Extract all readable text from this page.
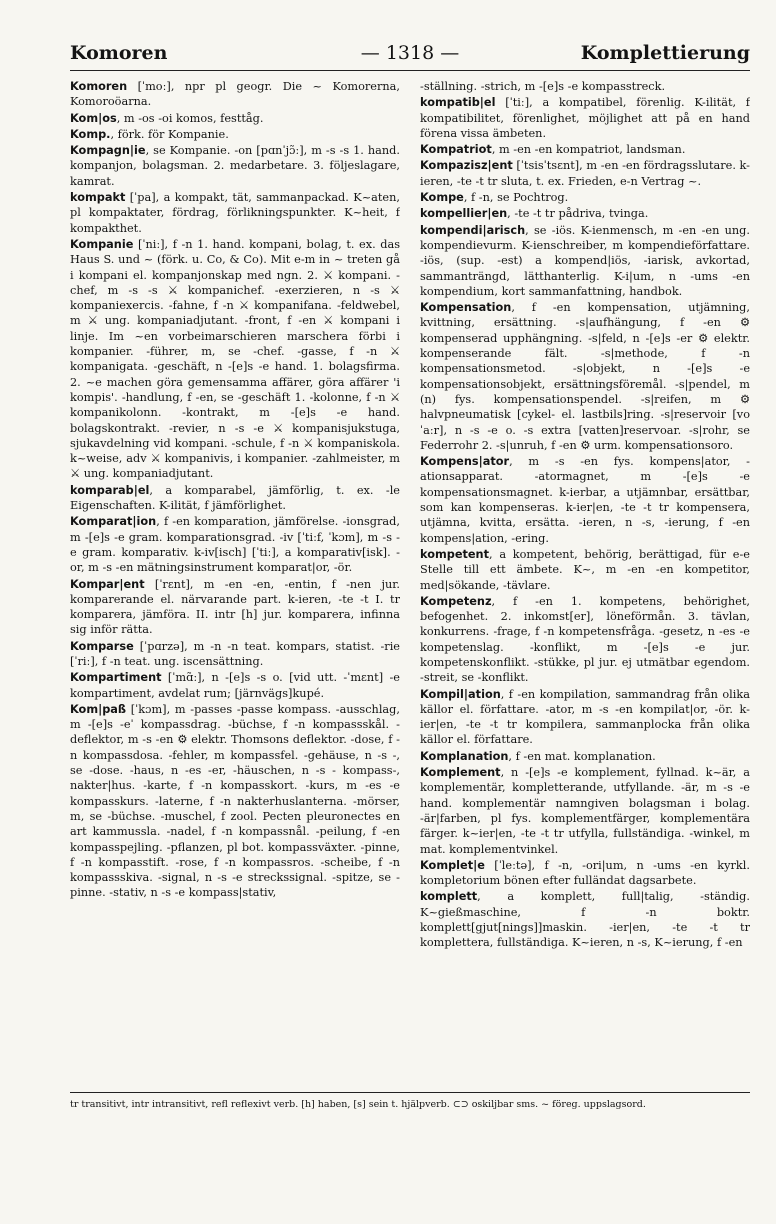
Komoren	— 1318 —	Komplettierung

Komoren [ˈmoː], npr pl geogr. Die ~ Komorerna, Komoroöarna.

Kom|os, m -os -oi komos, festtåg.

Komp., förk. för Kompanie.

Kompagn|ie, se Kompanie. -on [pɑnˈjɔ̃ː], m -s -s 1. hand. kompanjon, bolagsman. 2. medarbetare. 3. följeslagare, kamrat.

kompakt [ˈpa], a kompakt, tät, sammanpackad. K~aten, pl kompaktater, fördrag, förlikningspunkter. K~heit, f kompakthet.

Kompanie [ˈniː], f -n 1. hand. kompani, bolag, t. ex. das Haus S. und ~ (förk. u. Co, & Co). Mit e-m in ~ treten gå i kompani el. kompanjonskap med ngn. 2. ⚔ kompani. -chef, m -s -s ⚔ kompanichef. -exerzieren, n -s ⚔ kompaniexercis. -fahne, f -n ⚔ kompanifana. -feldwebel, m ⚔ ung. kompaniadjutant. -front, f -en ⚔ kompani i linje. Im ~en vorbeimarschieren marschera förbi i kompanier. -führer, m, se -chef. -gasse, f -n ⚔ kompanigata. -geschäft, n -[e]s -e hand. 1. bolagsfirma. 2. ~e machen göra gemensamma affärer, göra affärer 'i kompis'. -handlung, f -en, se -geschäft 1. -kolonne, f -n ⚔ kompanikolonn. -kontrakt, m -[e]s -e hand. bolagskontrakt. -revier, n -s -e ⚔ kompanisjukstuga, sjukavdelning vid kompani. -schule, f -n ⚔ kompaniskola. k~weise, adv ⚔ kompanivis, i kompanier. -zahlmeister, m ⚔ ung. kompaniadjutant.

komparab|el, a komparabel, jämförlig, t. ex. -le Eigenschaften. K-ilität, f jämförlighet.

Komparat|ion, f -en komparation, jämförelse. -ionsgrad, m -[e]s -e gram. komparationsgrad. -iv [ˈtiːf, ˈkɔm], m -s -e gram. komparativ. k-iv[isch] [ˈtiː], a komparativ[isk]. -or, m -s -en mätningsinstrument komparat|or, -ör.

Kompar|ent [ˈrɛnt], m -en -en, -entin, f -nen jur. komparerande el. närvarande part. k-ieren, -te -t I. tr komparera, jämföra. II. intr [h] jur. komparera, infinna sig inför rätta.

Komparse [ˈpɑrzə], m -n -n teat. kompars, statist. -rie [ˈriː], f -n teat. ung. iscensättning.

Kompartiment [ˈmɑ̃ː], n -[e]s -s o. [vid utt. -ˈmɛnt] -e kompartiment, avdelat rum; [järnvägs]kupé.

Kom|paß [ˈkɔm], m -passes -passe kompass. -ausschlag, m -[e]s -eˈ kompassdrag. -büchse, f -n kompassskål. -deflektor, m -s -en ⚙ elektr. Thomsons deflektor. -dose, f -n kompassdosa. -fehler, m kompassfel. -gehäuse, n -s -, se -dose. -haus, n -es -er, -häuschen, n -s - kompass-, nakter|hus. -karte, f -n kompasskort. -kurs, m -es -e kompasskurs. -laterne, f -n nakterhuslanterna. -mörser, m, se -büchse. -muschel, f zool. Pecten pleuronectes en art kammussla. -nadel, f -n kompassnål. -peilung, f -en kompasspejling. -pflanzen, pl bot. kompassväxter. -pinne, f -n kompasstift. -rose, f -n kompassros. -scheibe, f -n kompassskiva. -signal, n -s -e streckssignal. -spitze, se -pinne. -stativ, n -s -e kompass|stativ,

-ställning. -strich, m -[e]s -e kompasstreck.

kompatib|el [ˈtiː], a kompatibel, förenlig. K-ilität, f kompatibilitet, förenlighet, möjlighet att på en hand förena vissa ämbeten.

Kompatriot, m -en -en kompatriot, landsman.

Kompazisz|ent [ˈtsisˈtsɛnt], m -en -en fördragsslutare. k-ieren, -te -t tr sluta, t. ex. Frieden, e-n Vertrag ~.

Kompe, f -n, se Pochtrog.

kompellier|en, -te -t tr pådriva, tvinga.

kompendi|arisch, se -iös. K-ienmensch, m -en -en ung. kompendievurm. K-ienschreiber, m kompendieförfattare. -iös, (sup. -est) a kompend|iös, -iarisk, avkortad, sammanträngd, lätthanterlig. K-i|um, n -ums -en kompendium, kort sammanfattning, handbok.

Kompensation, f -en kompensation, utjämning, kvittning, ersättning. -s|aufhängung, f -en ⚙ kompenserad upphängning. -s|feld, n -[e]s -er ⚙ elektr. kompenserande fält. -s|methode, f -n kompensationsmetod. -s|objekt, n -[e]s -e kompensationsobjekt, ersättningsföremål. -s|pendel, m (n) fys. kompensationspendel. -s|reifen, m ⚙ halvpneumatisk [cykel- el. lastbils]ring. -s|reservoir [voˈaːr], n -s -e o. -s extra [vatten]reservoar. -s|rohr, se Federrohr 2. -s|unruh, f -en ⚙ urm. kompensationsoro.

Kompens|ator, m -s -en fys. kompens|ator, -ationsapparat. -atormagnet, m -[e]s -e kompensationsmagnet. k-ierbar, a utjämnbar, ersättbar, som kan kompenseras. k-ier|en, -te -t tr kompensera, utjämna, kvitta, ersätta. -ieren, n -s, -ierung, f -en kompens|ation, -ering.

kompetent, a kompetent, behörig, berättigad, für e-e Stelle till ett ämbete. K~, m -en -en kompetitor, med|sökande, -tävlare.

Kompetenz, f -en 1. kompetens, behörighet, befogenhet. 2. inkomst[er], löneförmån. 3. tävlan, konkurrens. -frage, f -n kompetensfråga. -gesetz, n -es -e kompetenslag. -konflikt, m -[e]s -e jur. kompetenskonflikt. -stükke, pl jur. ej utmätbar egendom. -streit, se -konflikt.

Kompil|ation, f -en kompilation, sammandrag från olika källor el. författare. -ator, m -s -en kompilat|or, -ör. k-ier|en, -te -t tr kompilera, sammanplocka från olika källor el. författare.

Komplanation, f -en mat. komplanation.

Komplement, n -[e]s -e komplement, fyllnad. k~är, a komplementär, kompletterande, utfyllande. -är, m -s -e hand. komplementär namngiven bolagsman i bolag. -är|farben, pl fys. komplementfärger, komplementära färger. k~ier|en, -te -t tr utfylla, fullständiga. -winkel, m mat. komplementvinkel.

Komplet|e [ˈleːtə], f -n, -ori|um, n -ums -en kyrkl. kompletorium bönen efter fulländat dagsarbete.

komplett, a komplett, full|talig, -ständig. K~gießmaschine, f -n boktr. komplett[gjut[nings]]maskin. -ier|en, -te -t tr komplettera, fullständiga. K~ieren, n -s, K~ierung, f -en

tr transitivt, intr intransitivt, refl reflexivt verb. [h] haben, [s] sein t. hjälpverb. ⊂⊃ oskiljbar sms. ~ föreg. uppslagsord.
